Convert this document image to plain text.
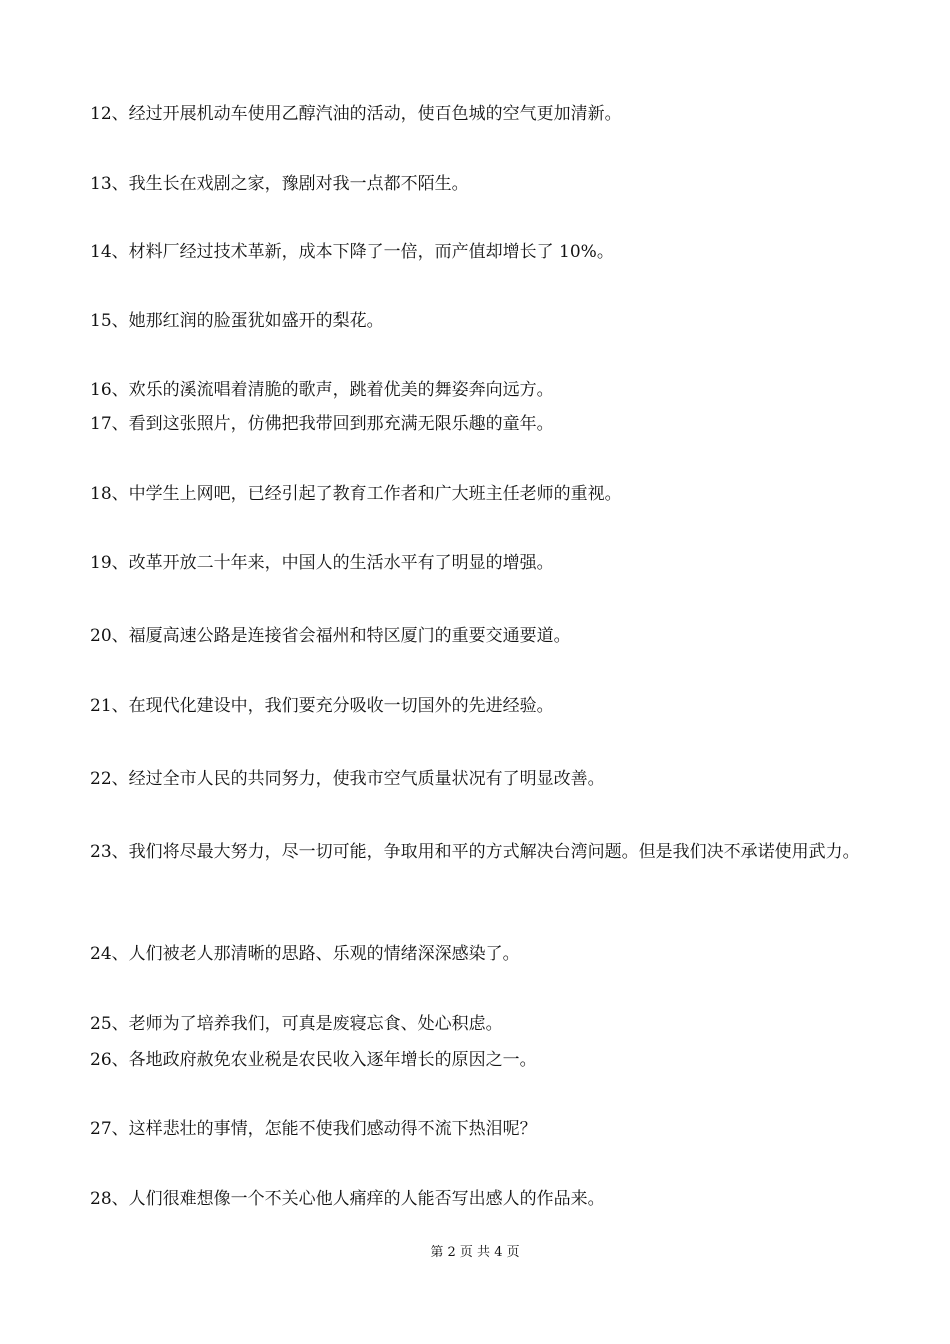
12、经过开展机动车使用乙醇汽油的活动，使百色城的空气更加清新。
13、我生长在戏剧之家，豫剧对我一点都不陌生。
14、材料厂经过技术革新，成本下降了一倍，而产值却增长了 10%。
15、她那红润的脸蛋犹如盛开的梨花。
16、欢乐的溪流唱着清脆的歌声，跳着优美的舞姿奔向远方。
17、看到这张照片，仿佛把我带回到那充满无限乐趣的童年。
18、中学生上网吧，已经引起了教育工作者和广大班主任老师的重视。
19、改革开放二十年来，中国人的生活水平有了明显的增强。
20、福厦高速公路是连接省会福州和特区厦门的重要交通要道。
21、在现代化建设中，我们要充分吸收一切国外的先进经验。
22、经过全市人民的共同努力，使我市空气质量状况有了明显改善。
23、我们将尽最大努力，尽一切可能，争取用和平的方式解决台湾问题。但是我们决不承诺使用武力。
24、人们被老人那清晰的思路、乐观的情绪深深感染了。
25、老师为了培养我们，可真是废寝忘食、处心积虑。
26、各地政府赦免农业税是农民收入逐年增长的原因之一。
27、这样悲壮的事情，怎能不使我们感动得不流下热泪呢？
28、人们很难想像一个不关心他人痛痒的人能否写出感人的作品来。
第 2 页 共 4 页
